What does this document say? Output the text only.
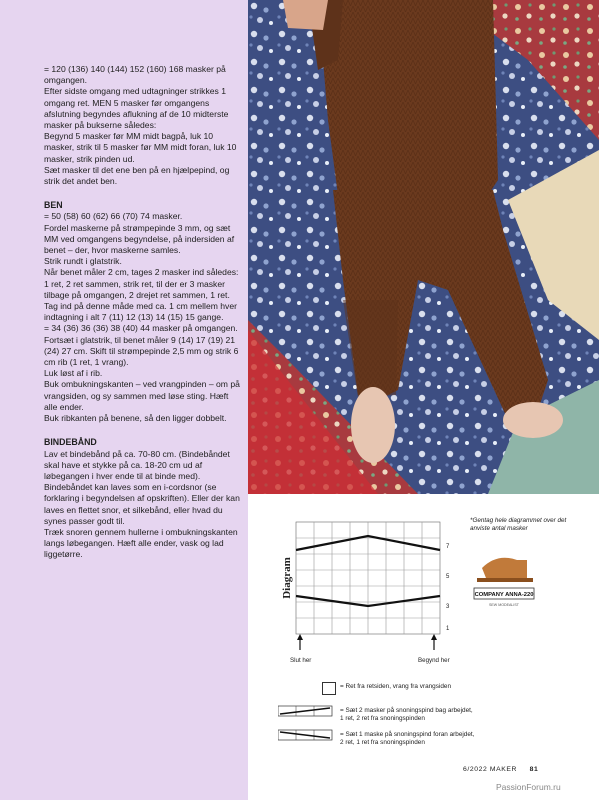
= 120 (136) 140 (144) 152 (160) 168 masker på omgangen.

Efter sidste omgang med udtagninger strikkes 1 omgang ret. MEN 5 masker før omgangens afslutning begyndes aflukning af de 10 midterste masker på bukserne således:

Begynd 5 masker før MM midt bagpå, luk 10 masker, strik til 5 masker før MM midt foran, luk 10 masker, strik pinden ud.

Sæt masker til det ene ben på en hjælpepind, og strik det andet ben.

BEN

= 50 (58) 60 (62) 66 (70) 74 masker.

Fordel maskerne på strømpepinde 3 mm, og sæt MM ved omgangens begyndelse, på indersiden af benet – der, hvor maskerne samles.

Strik rundt i glatstrik.

Når benet måler 2 cm, tages 2 masker ind således:

1 ret, 2 ret sammen, strik ret, til der er 3 masker tilbage på omgangen, 2 drejet ret sammen, 1 ret.

Tag ind på denne måde med ca. 1 cm mellem hver indtagning i alt 7 (11) 12 (13) 14 (15) 15 gange.

= 34 (36) 36 (36) 38 (40) 44 masker på omgangen.

Fortsæt i glatstrik, til benet måler 9 (14) 17 (19) 21 (24) 27 cm. Skift til strømpepinde 2,5 mm og strik 6 cm rib (1 ret, 1 vrang).

Luk løst af i rib.

Buk ombukningskanten – ved vrangpinden – om på vrangsiden, og sy sammen med løse sting. Hæft alle ender.

Buk ribkanten på benene, så den ligger dobbelt.

BINDEBÅND

Lav et bindebånd på ca. 70-80 cm. (Bindebåndet skal have et stykke på ca. 18-20 cm ud af løbegangen i hver ende til at binde med).

Bindebåndet kan laves som en i-cordsnor (se forklaring i begyndelsen af opskriften). Eller der kan laves en flettet snor, et silkebånd, eller hvad du synes passer godt til.

Træk snoren gennem hullerne i ombukningskanten langs løbegangen. Hæft alle ender, vask og lad liggetørre.

Diagram
7
5
3
1
Slut her	Begynd her
COMPANY ANNA-220
SEW MODEALIST
*Gentag hele diagrammet over det anviste antal masker
= Ret fra retsiden, vrang fra vrangsiden
= Sæt 2 masker på snoningspind bag arbejdet,
1 ret, 2 ret fra snoningspinden
= Sæt 1 maske på snoningspind foran arbejdet,
2 ret, 1 ret fra snoningspinden
6/2022 MAKER 81
PassionForum.ru
